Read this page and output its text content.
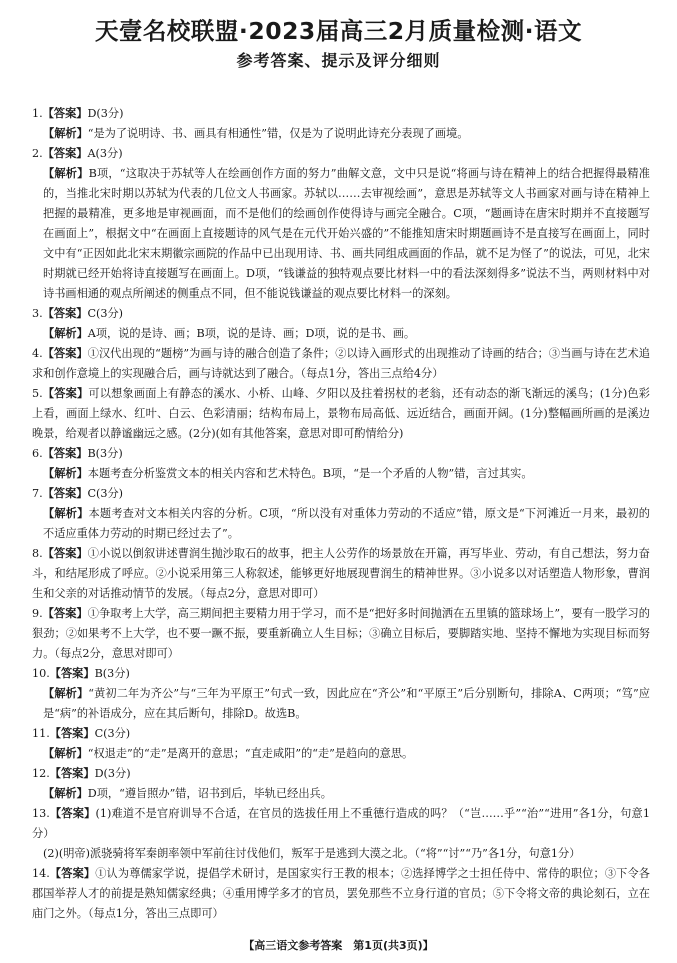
天壹名校联盟·2023届高三2月质量检测·语文
参考答案、提示及评分细则

1.【答案】D(3分)

【解析】“是为了说明诗、书、画具有相通性”错，仅是为了说明此诗充分表现了画境。

2.【答案】A(3分)

【解析】B项，“这取决于苏轼等人在绘画创作方面的努力”曲解文意，文中只是说“将画与诗在精神上的结合把握得最精准的，当推北宋时期以苏轼为代表的几位文人书画家。苏轼以……去审视绘画”，意思是苏轼等文人书画家对画与诗在精神上把握的最精准，更多地是审视画面，而不是他们的绘画创作使得诗与画完全融合。C项，“题画诗在唐宋时期并不直接题写在画面上”，根据文中“在画面上直接题诗的风气是在元代开始兴盛的”不能推知唐宋时期题画诗不是直接写在画面上，同时文中有“正因如此北宋末期徽宗画院的作品中已出现用诗、书、画共同组成画面的作品，就不足为怪了”的说法，可见，北宋时期就已经开始将诗直接题写在画面上。D项，“钱谦益的独特观点要比材料一中的看法深刻得多”说法不当，两则材料中对诗书画相通的观点所阐述的侧重点不同，但不能说钱谦益的观点要比材料一的深刻。

3.【答案】C(3分)

【解析】A项，说的是诗、画；B项，说的是诗、画；D项，说的是书、画。

4.【答案】①汉代出现的“题榜”为画与诗的融合创造了条件；②以诗入画形式的出现推动了诗画的结合；③当画与诗在艺术追求和创作意境上的实现融合后，画与诗就达到了融合。（每点1分，答出三点给4分）

5.【答案】可以想象画面上有静态的溪水、小桥、山峰、夕阳以及拄着拐杖的老翁，还有动态的渐飞渐远的溪鸟；(1分)色彩上看，画面上绿水、红叶、白云、色彩清丽；结构布局上，景物布局高低、远近结合，画面开阔。(1分)整幅画所画的是溪边晚景，给观者以静谧幽远之感。(2分)(如有其他答案，意思对即可酌情给分)

6.【答案】B(3分)

【解析】本题考查分析鉴赏文本的相关内容和艺术特色。B项，“是一个矛盾的人物”错，言过其实。

7.【答案】C(3分)

【解析】本题考查对文本相关内容的分析。C项，“所以没有对重体力劳动的不适应”错，原文是“下河滩近一月来，最初的不适应重体力劳动的时期已经过去了”。

8.【答案】①小说以倒叙讲述曹润生抛沙取石的故事，把主人公劳作的场景放在开篇，再写毕业、劳动，有自己想法，努力奋斗，和结尾形成了呼应。②小说采用第三人称叙述，能够更好地展现曹润生的精神世界。③小说多以对话塑造人物形象，曹润生和父亲的对话推动情节的发展。（每点2分，意思对即可）

9.【答案】①争取考上大学，高三期间把主要精力用于学习，而不是“把好多时间抛洒在五里镇的篮球场上”，要有一股学习的狠劲；②如果考不上大学，也不要一蹶不振，要重新确立人生目标；③确立目标后，要脚踏实地、坚持不懈地为实现目标而努力。（每点2分，意思对即可）

10.【答案】B(3分)

【解析】“黄初二年为齐公”与“三年为平原王”句式一致，因此应在“齐公”和“平原王”后分别断句，排除A、C两项；“笃”应是“病”的补语成分，应在其后断句，排除D。故选B。

11.【答案】C(3分)

【解析】“权退走”的“走”是离开的意思；“直走咸阳”的“走”是趋向的意思。

12.【答案】D(3分)

【解析】D项，“遵旨照办”错，诏书到后，毕轨已经出兵。

13.【答案】(1)难道不是官府训导不合适，在官员的选拔任用上不重德行造成的吗？（“岂……乎”“治”“进用”各1分，句意1分）

(2)(明帝)派骁骑将军秦朗率领中军前往讨伐他们，叛军于是逃到大漠之北。（“将”“讨”“乃”各1分，句意1分）

14.【答案】①认为尊儒家学说，提倡学术研讨，是国家实行王教的根本；②选择博学之士担任侍中、常侍的职位；③下令各郡国举荐人才的前提是熟知儒家经典；④重用博学多才的官员，罢免那些不立身行道的官员；⑤下令将文帝的典论刻石，立在庙门之外。（每点1分，答出三点即可）

【高三语文参考答案　第1页(共3页)】
